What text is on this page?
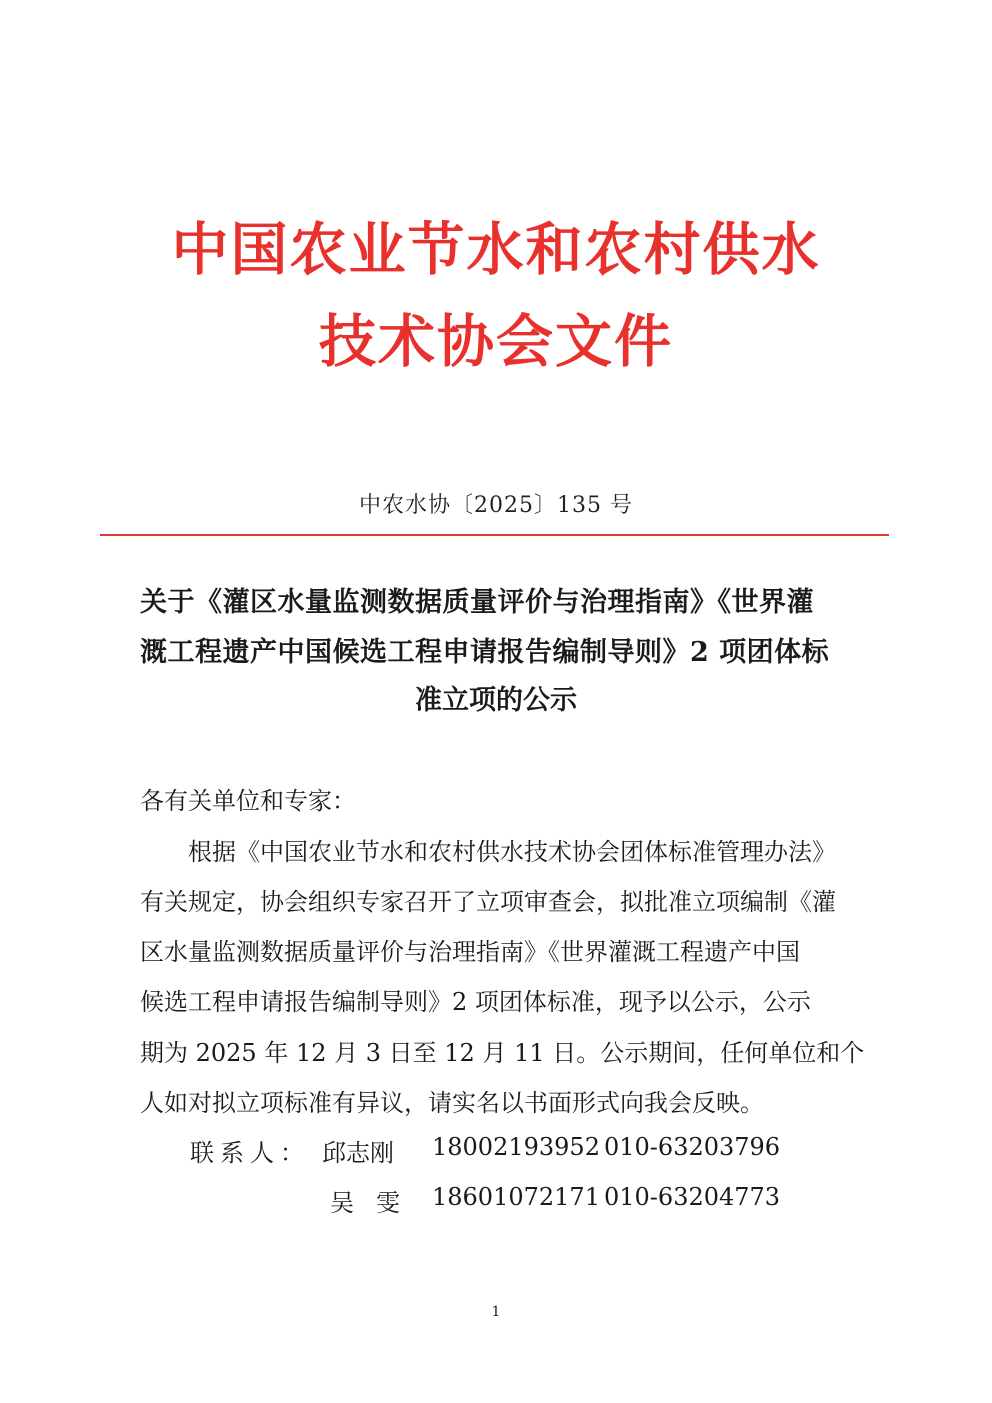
中国农业节水和农村供水
技术协会文件
中农水协〔2025〕135 号
关于《灌区水量监测数据质量评价与治理指南》《世界灌
溉工程遗产中国候选工程申请报告编制导则》2 项团体标
准立项的公示
各有关单位和专家：
根据《中国农业节水和农村供水技术协会团体标准管理办法》
有关规定，协会组织专家召开了立项审查会，拟批准立项编制《灌
区水量监测数据质量评价与治理指南》《世界灌溉工程遗产中国
候选工程申请报告编制导则》2 项团体标准，现予以公示，公示
期为 2025 年 12 月 3 日至 12 月 11 日。公示期间，任何单位和个
人如对拟立项标准有异议，请实名以书面形式向我会反映。
联系人： 邱志刚 18002193952 010-63203796
吴雯 18601072171 010-63204773
1
